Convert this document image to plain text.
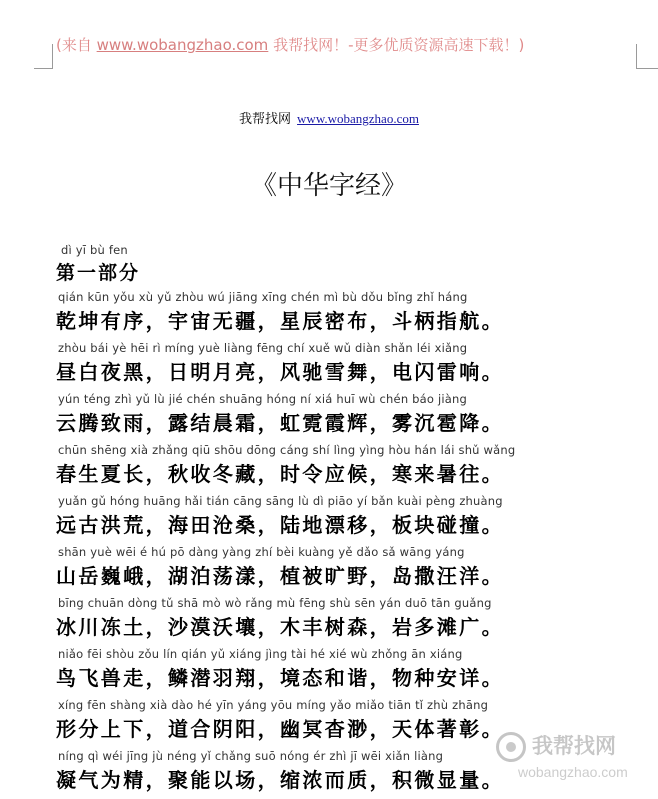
(来自 www.wobangzhao.com 我帮找网！-更多优质资源高速下载！)
我帮找网 www.wobangzhao.com
《中华字经》
dì yī bù fen
第一部分
qián kūn yǒu xù yǔ zhòu wú jiāng xīng chén mì bù dǒu bǐng zhǐ háng
乾坤有序，宇宙无疆，星辰密布，斗柄指航。
zhòu bái yè hēi rì míng yuè liàng fēng chí xuě wǔ diàn shǎn léi xiǎng
昼白夜黑，日明月亮，风驰雪舞，电闪雷响。
yún téng zhì yǔ lù jié chén shuāng hóng ní xiá huī wù chén báo jiàng
云腾致雨，露结晨霜，虹霓霞辉，雾沉雹降。
chūn shēng xià zhǎng qiū shōu dōng cáng shí lìng yìng hòu hán lái shǔ wǎng
春生夏长，秋收冬藏，时令应候，寒来暑往。
yuǎn gǔ hóng huāng hǎi tián cāng sāng lù dì piāo yí bǎn kuài pèng zhuàng
远古洪荒，海田沧桑，陆地漂移，板块碰撞。
shān yuè wēi é hú pō dàng yàng zhí bèi kuàng yě dǎo sǎ wāng yáng
山岳巍峨，湖泊荡漾，植被旷野，岛撒汪洋。
bīng chuān dòng tǔ shā mò wò rǎng mù fēng shù sēn yán duō tān guǎng
冰川冻土，沙漠沃壤，木丰树森，岩多滩广。
niǎo fēi shòu zǒu lín qián yǔ xiáng jìng tài hé xié wù zhǒng ān xiáng
鸟飞兽走，鳞潜羽翔，境态和谐，物种安详。
xíng fēn shàng xià dào hé yīn yáng yōu míng yǎo miǎo tiān tǐ zhù zhāng
形分上下，道合阴阳，幽冥杳渺，天体著彰。
níng qì wéi jīng jù néng yǐ chǎng suō nóng ér zhì jī wēi xiǎn liàng
凝气为精，聚能以场，缩浓而质，积微显量。
我帮找网
wobangzhao.com
